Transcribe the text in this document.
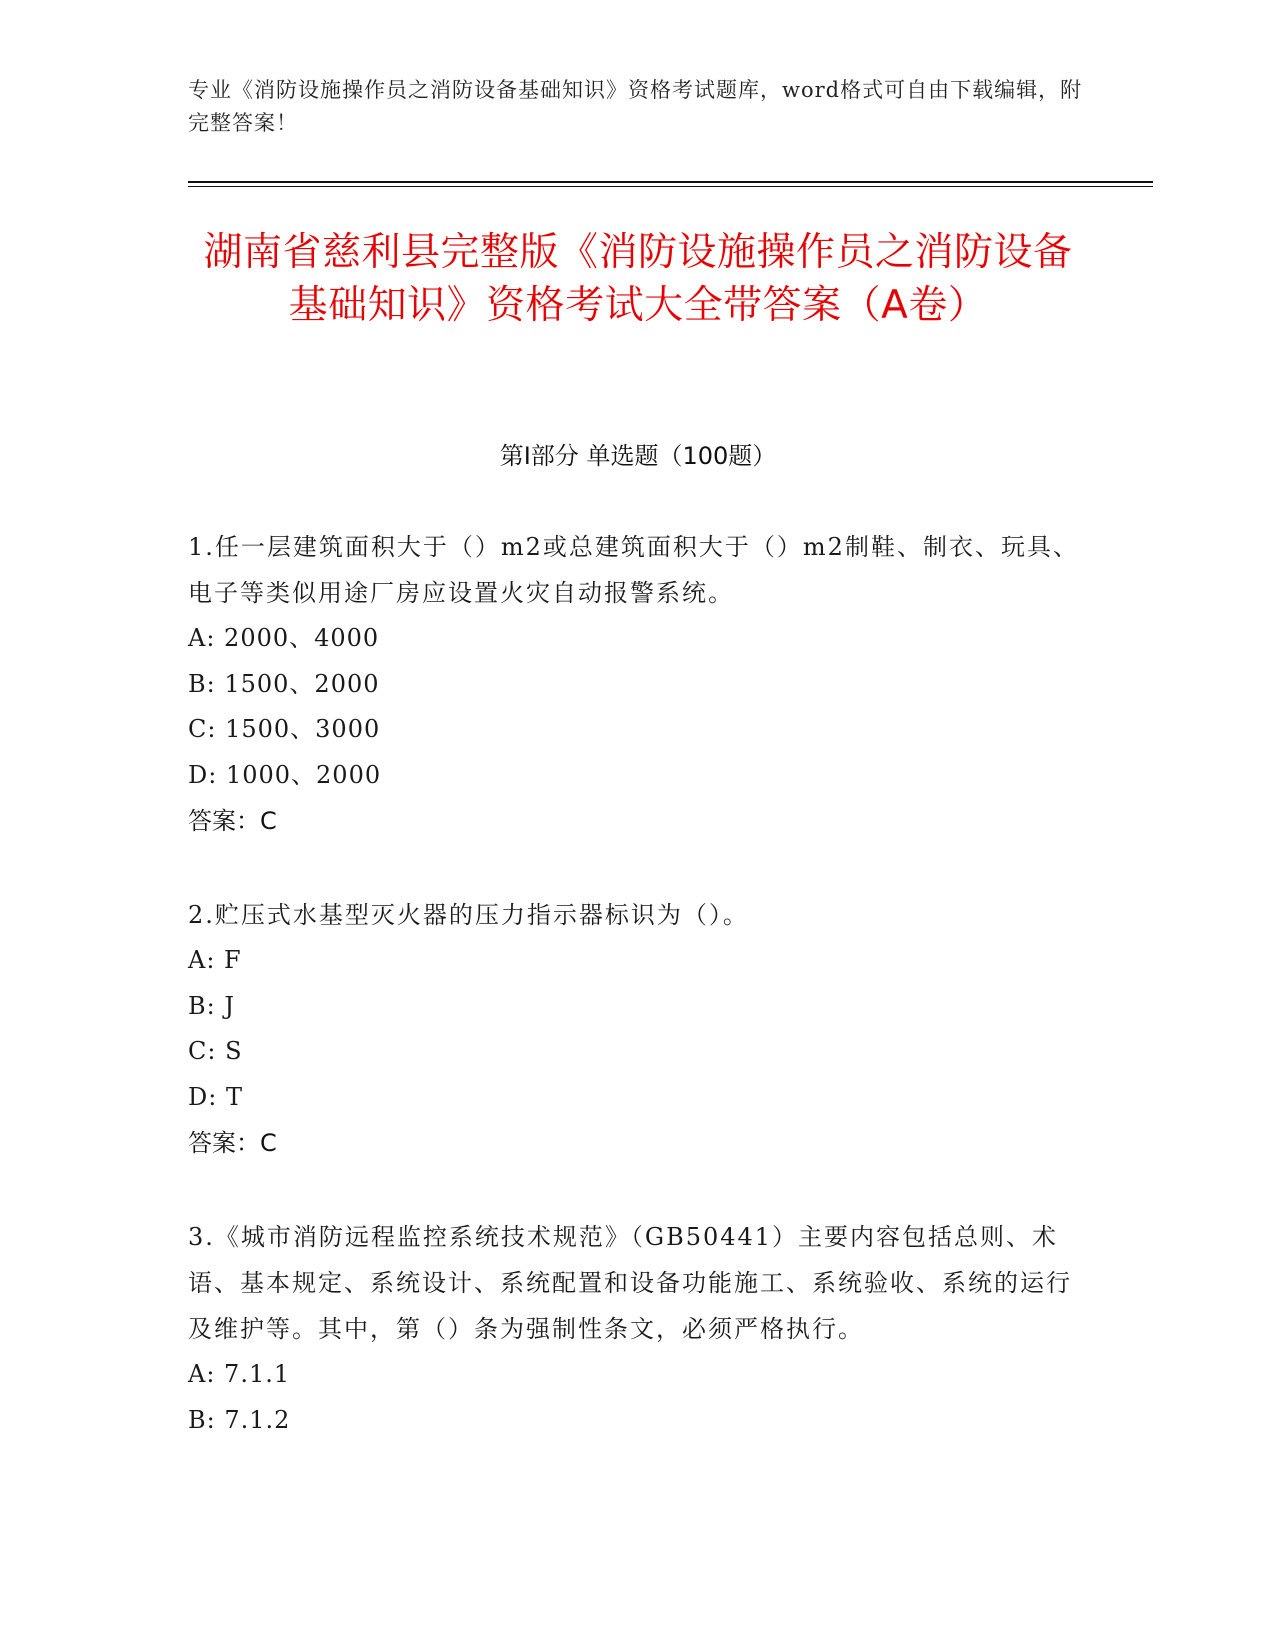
专业《消防设施操作员之消防设备基础知识》资格考试题库，word格式可自由下载编辑，附完整答案！
湖南省慈利县完整版《消防设施操作员之消防设备基础知识》资格考试大全带答案（A卷）
第I部分 单选题（100题）
1.任一层建筑面积大于（）m2或总建筑面积大于（）m2制鞋、制衣、玩具、电子等类似用途厂房应设置火灾自动报警系统。
A: 2000、4000
B: 1500、2000
C: 1500、3000
D: 1000、2000
答案：C
2.贮压式水基型灭火器的压力指示器标识为（）。
A: F
B: J
C: S
D: T
答案：C
3.《城市消防远程监控系统技术规范》（GB50441）主要内容包括总则、术语、基本规定、系统设计、系统配置和设备功能施工、系统验收、系统的运行及维护等。其中，第（）条为强制性条文，必须严格执行。
A: 7.1.1
B: 7.1.2
